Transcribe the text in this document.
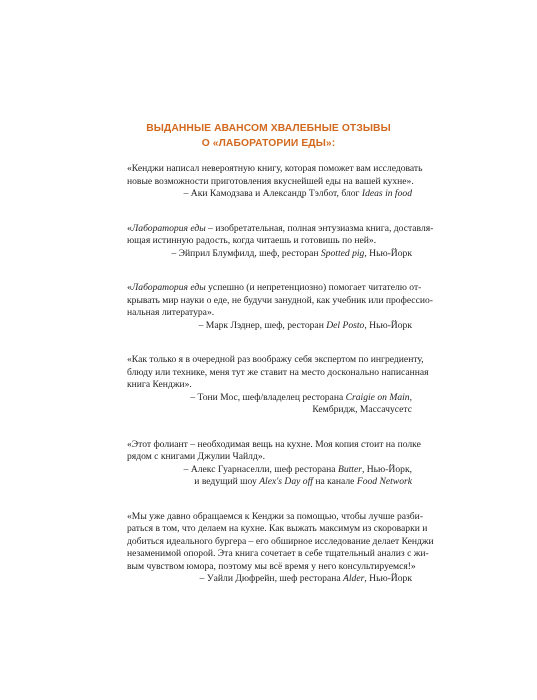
ВЫДАННЫЕ АВАНСОМ ХВАЛЕБНЫЕ ОТЗЫВЫ
О «ЛАБОРАТОРИИ ЕДЫ»:
«Кенджи написал невероятную книгу, которая поможет вам исследовать
новые возможности приготовления вкуснейшей еды на вашей кухне».
– Аки Камодзава и Александр Тэлбот, блог Ideas in food
«Лаборатория еды – изобретательная, полная энтузиазма книга, доставля-
ющая истинную радость, когда читаешь и готовишь по ней».
– Эйприл Блумфилд, шеф, ресторан Spotted pig, Нью-Йорк
«Лаборатория еды успешно (и непретенциозно) помогает читателю от-
крывать мир науки о еде, не будучи занудной, как учебник или профессио-
нальная литература».
– Марк Лэднер, шеф, ресторан Del Posto, Нью-Йорк
«Как только я в очередной раз воображу себя экспертом по ингредиенту,
блюду или технике, меня тут же ставит на место досконально написанная
книга Кенджи».
– Тони Мос, шеф/владелец ресторана Craigie on Main,
Кембридж, Массачусетс
«Этот фолиант – необходимая вещь на кухне. Моя копия стоит на полке
рядом с книгами Джулии Чайлд».
– Алекс Гуарнаселли, шеф ресторана Butter, Нью-Йорк,
и ведущий шоу Alex's Day off на канале Food Network
«Мы уже давно обращаемся к Кенджи за помощью, чтобы лучше разби-
раться в том, что делаем на кухне. Как выжать максимум из скороварки и
добиться идеального бургера – его обширное исследование делает Кенджи
незаменимой опорой. Эта книга сочетает в себе тщательный анализ с жи-
вым чувством юмора, поэтому мы всё время у него консультируемся!»
– Уайли Дюфрейн, шеф ресторана Alder, Нью-Йорк
